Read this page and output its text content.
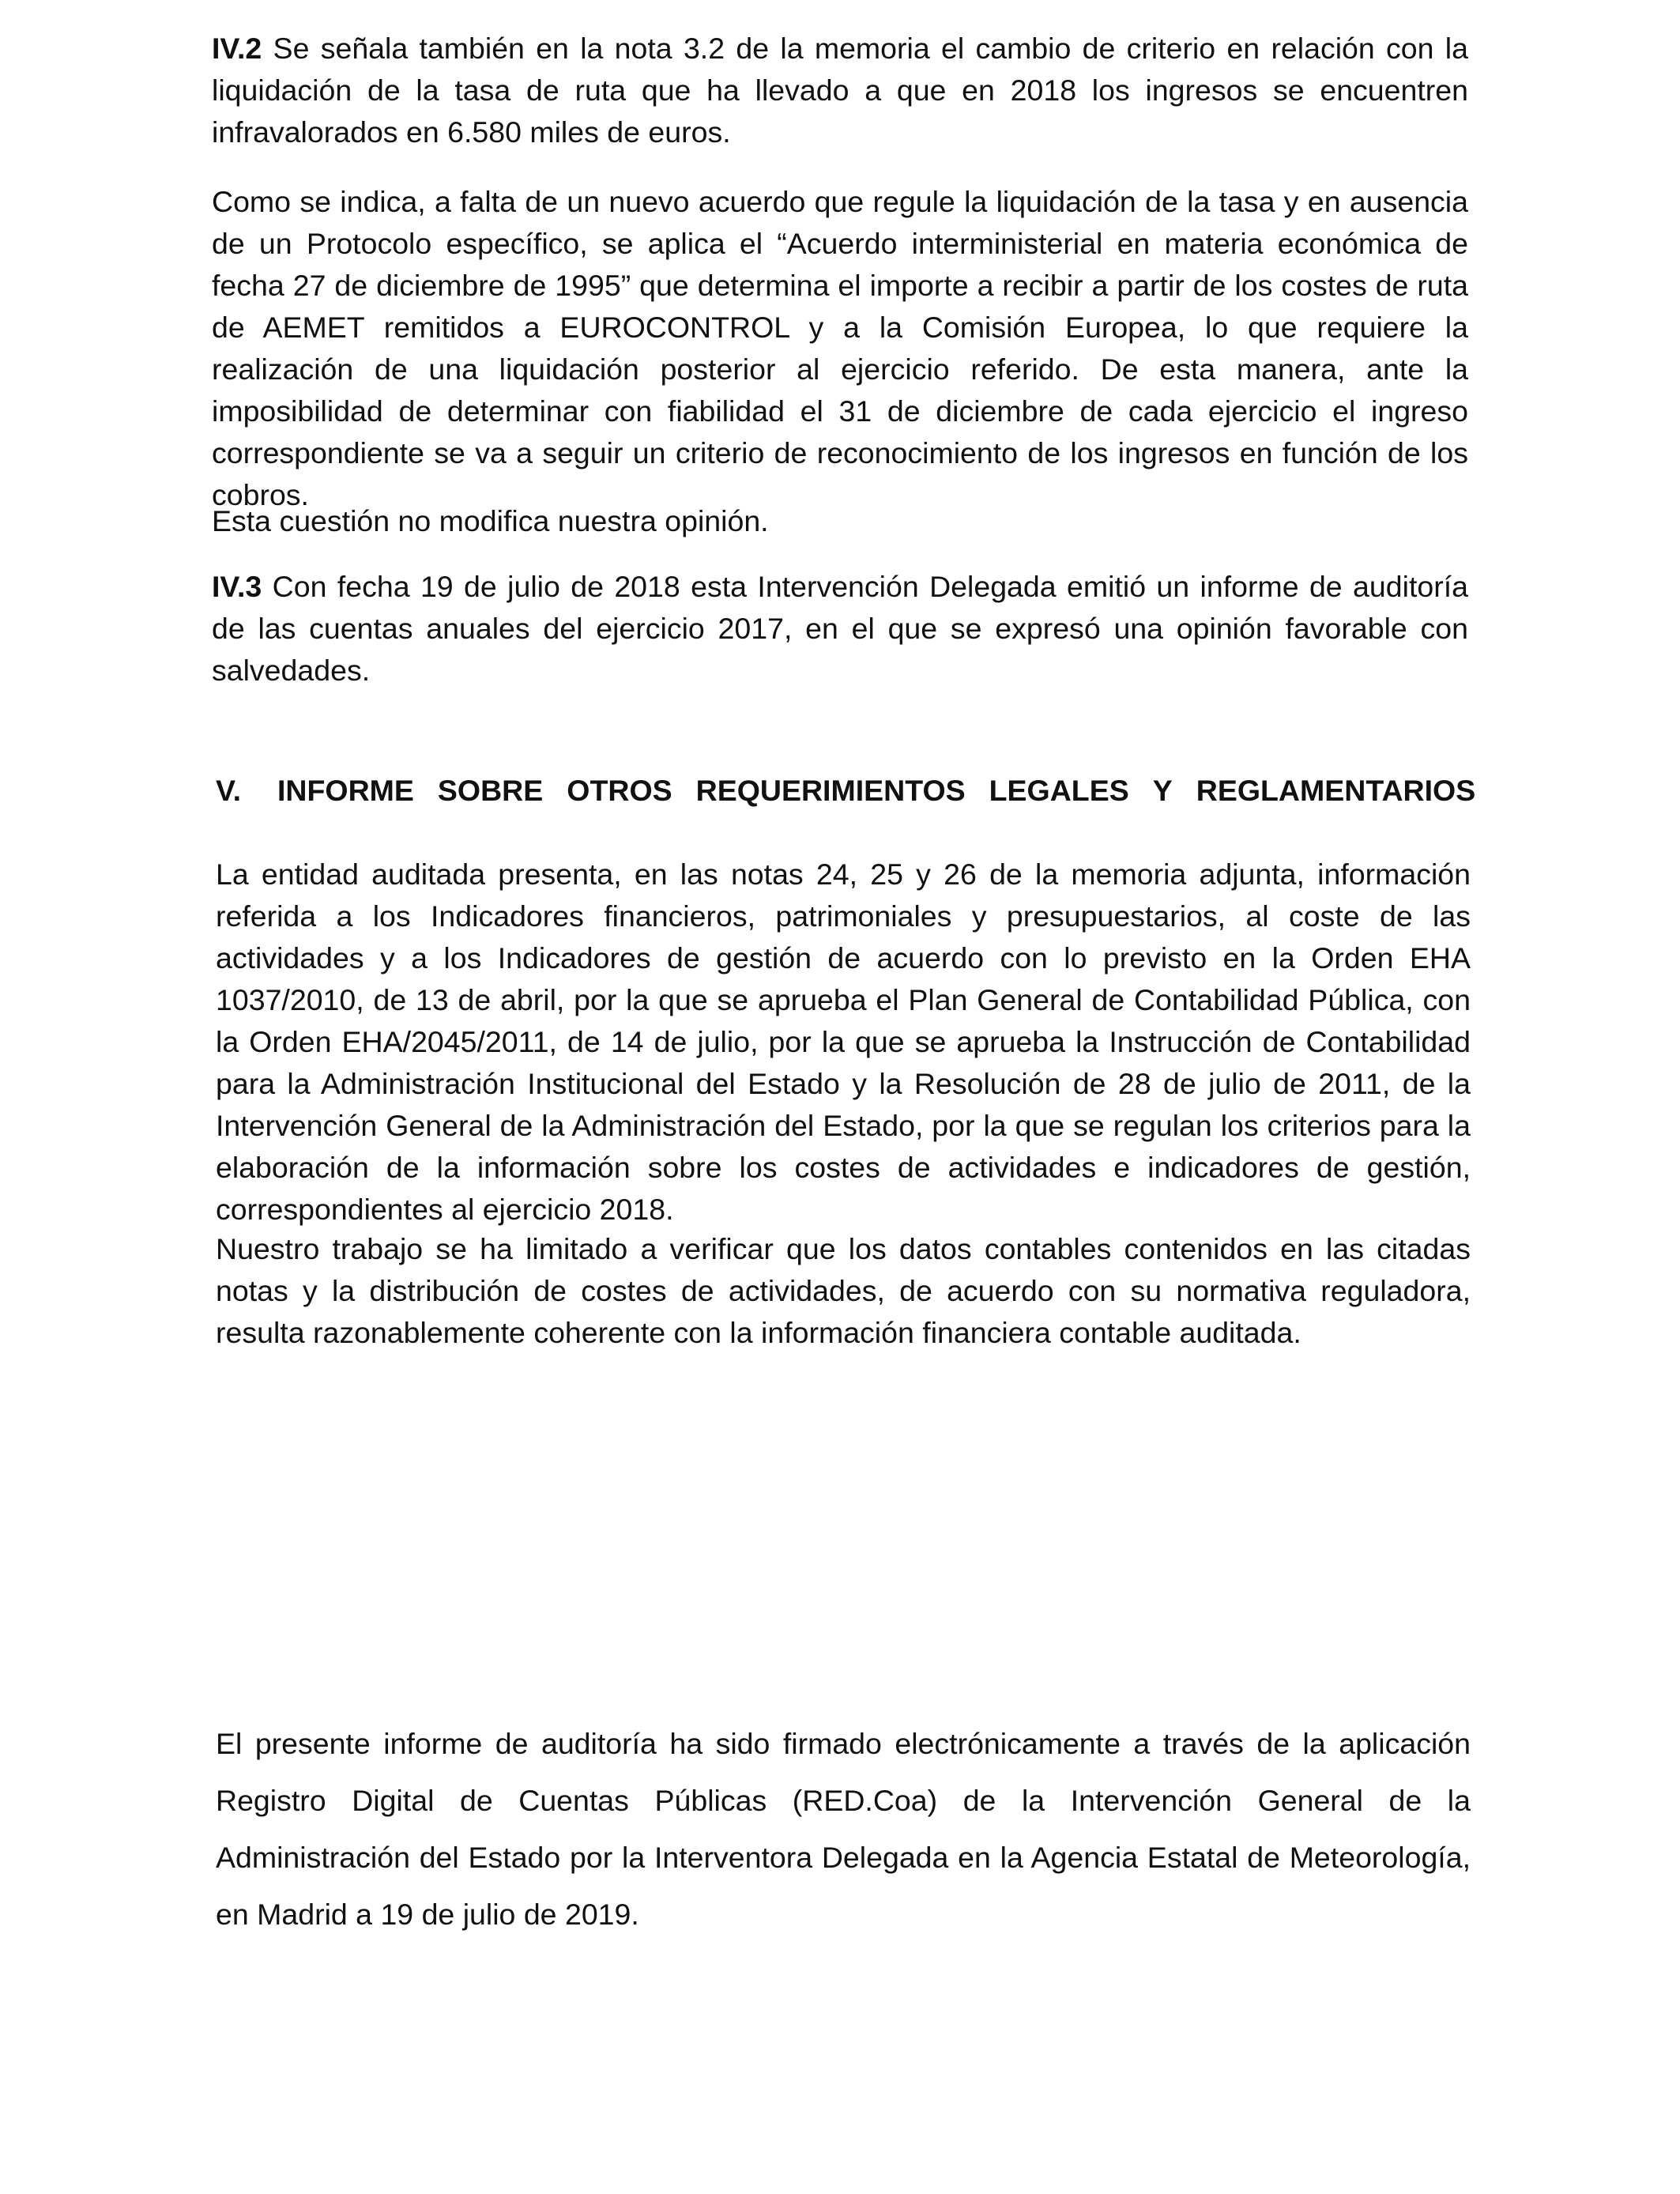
IV.2 Se señala también en la nota 3.2 de la memoria el cambio de criterio en relación con la liquidación de la tasa de ruta que ha llevado a que en 2018 los ingresos se encuentren infravalorados en 6.580 miles de euros.

Como se indica, a falta de un nuevo acuerdo que regule la liquidación de la tasa y en ausencia de un Protocolo específico, se aplica el “Acuerdo interministerial en materia económica de fecha 27 de diciembre de 1995” que determina el importe a recibir a partir de los costes de ruta de AEMET remitidos a EUROCONTROL y a la Comisión Europea, lo que requiere la realización de una liquidación posterior al ejercicio referido. De esta manera, ante la imposibilidad de determinar con fiabilidad el 31 de diciembre de cada ejercicio el ingreso correspondiente se va a seguir un criterio de reconocimiento de los ingresos en función de los cobros.

Esta cuestión no modifica nuestra opinión.

IV.3 Con fecha 19 de julio de 2018 esta Intervención Delegada emitió un informe de auditoría de las cuentas anuales del ejercicio 2017, en el que se expresó una opinión favorable con salvedades.

V. INFORME SOBRE OTROS REQUERIMIENTOS LEGALES Y REGLAMENTARIOS

La entidad auditada presenta, en las notas 24, 25 y 26 de la memoria adjunta, información referida a los Indicadores financieros, patrimoniales y presupuestarios, al coste de las actividades y a los Indicadores de gestión de acuerdo con lo previsto en la Orden EHA 1037/2010, de 13 de abril, por la que se aprueba el Plan General de Contabilidad Pública, con la Orden EHA/2045/2011, de 14 de julio, por la que se aprueba la Instrucción de Contabilidad para la Administración Institucional del Estado y la Resolución de 28 de julio de 2011, de la Intervención General de la Administración del Estado, por la que se regulan los criterios para la elaboración de la información sobre los costes de actividades e indicadores de gestión, correspondientes al ejercicio 2018.

Nuestro trabajo se ha limitado a verificar que los datos contables contenidos en las citadas notas y la distribución de costes de actividades, de acuerdo con su normativa reguladora, resulta razonablemente coherente con la información financiera contable auditada.

El presente informe de auditoría ha sido firmado electrónicamente a través de la aplicación Registro Digital de Cuentas Públicas (RED.Coa) de la Intervención General de la Administración del Estado por la Interventora Delegada en la Agencia Estatal de Meteorología, en Madrid a 19 de julio de 2019.
